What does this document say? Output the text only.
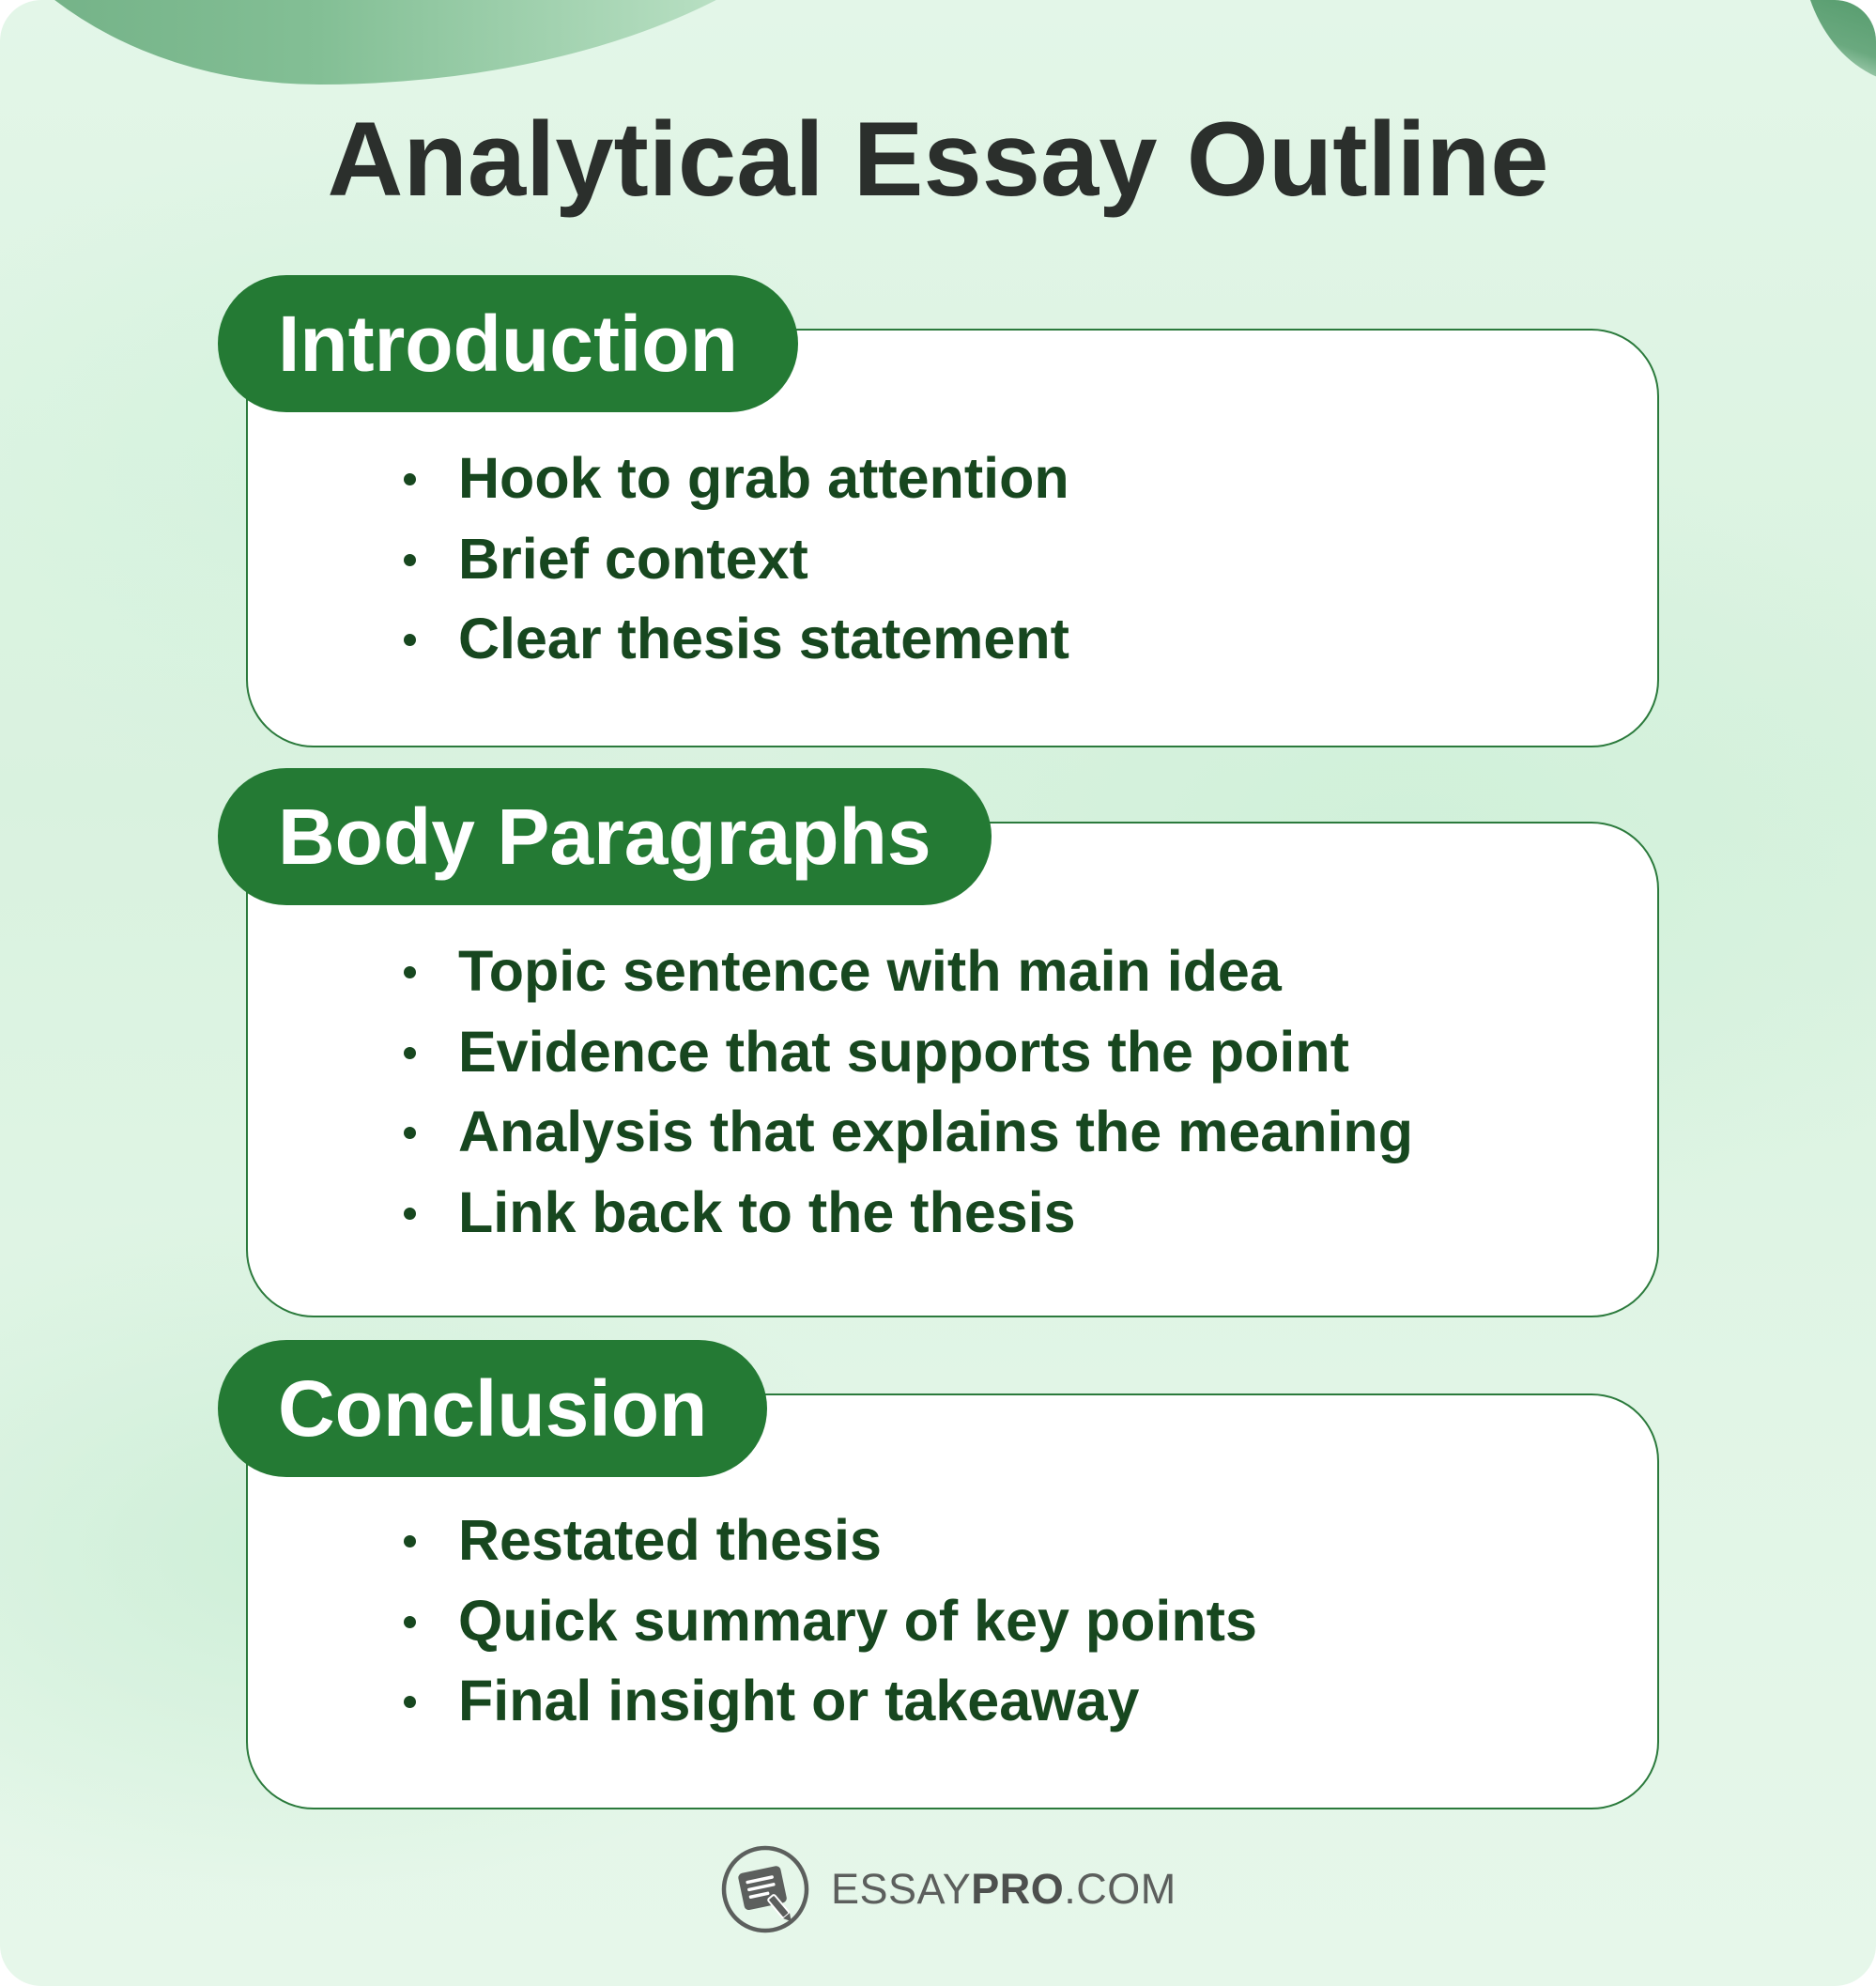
Analytical Essay Outline
Introduction
Hook to grab attention
Brief context
Clear thesis statement
Body Paragraphs
Topic sentence with main idea
Evidence that supports the point
Analysis that explains the meaning
Link back to the thesis
Conclusion
Restated thesis
Quick summary of key points
Final insight or takeaway
ESSAY PRO .COM
